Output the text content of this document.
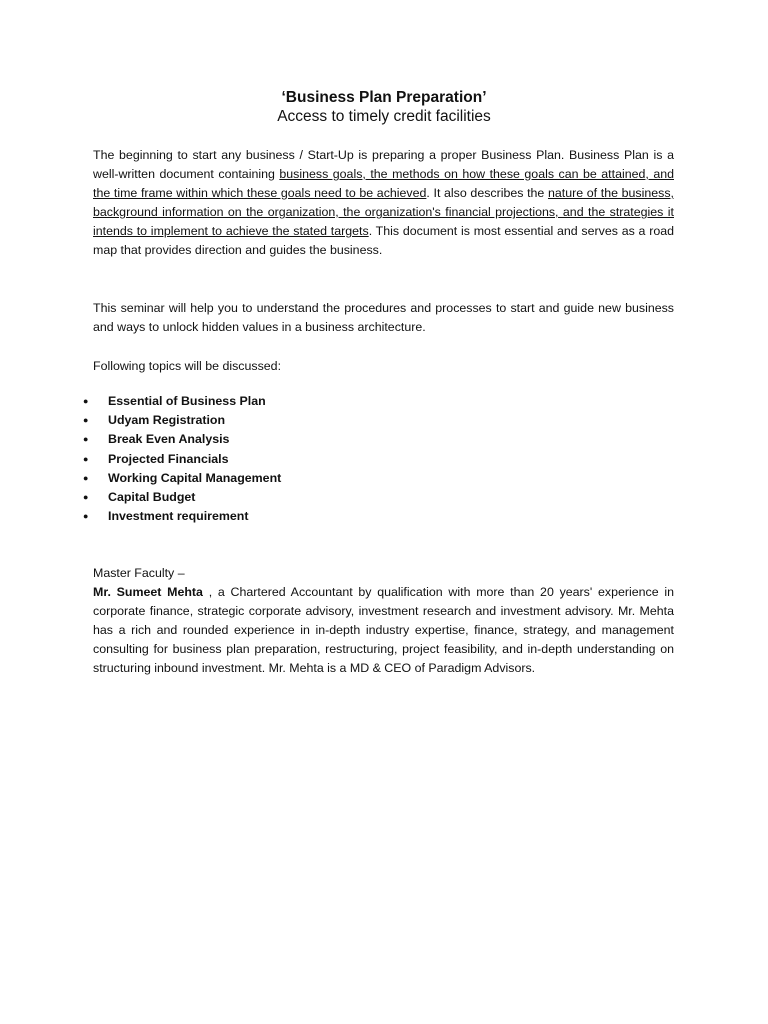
‘Business Plan Preparation’
Access to timely credit facilities
The beginning to start any business / Start-Up is preparing a proper Business Plan. Business Plan is a well-written document containing business goals, the methods on how these goals can be attained, and the time frame within which these goals need to be achieved. It also describes the nature of the business, background information on the organization, the organization's financial projections, and the strategies it intends to implement to achieve the stated targets. This document is most essential and serves as a road map that provides direction and guides the business.
This seminar will help you to understand the procedures and processes to start and guide new business and ways to unlock hidden values in a business architecture.
Following topics will be discussed:
● Essential of Business Plan
● Udyam Registration
● Break Even Analysis
● Projected Financials
● Working Capital Management
● Capital Budget
● Investment requirement
Master Faculty –
Mr. Sumeet Mehta , a Chartered Accountant by qualification with more than 20 years' experience in corporate finance, strategic corporate advisory, investment research and investment advisory. Mr. Mehta has a rich and rounded experience in in-depth industry expertise, finance, strategy, and management consulting for business plan preparation, restructuring, project feasibility, and in-depth understanding on structuring inbound investment. Mr. Mehta is a MD & CEO of Paradigm Advisors.
